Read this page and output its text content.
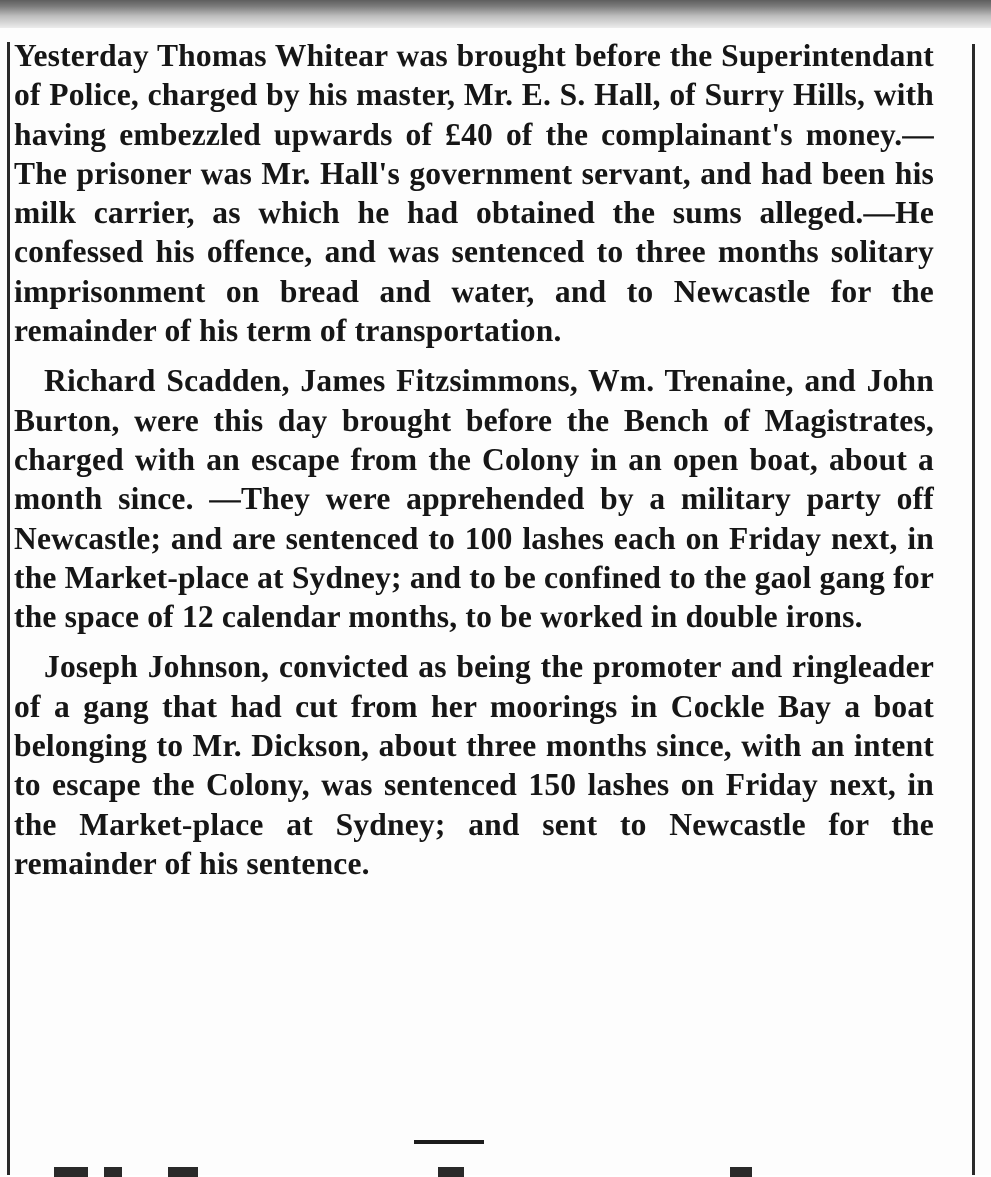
Yesterday Thomas Whitear was brought before the Superintendant of Police, charged by his master, Mr. E. S. Hall, of Surry Hills, with having embezzled upwards of £40 of the complainant's money.—The prisoner was Mr. Hall's government servant, and had been his milk carrier, as which he had obtained the sums alleged.—He confessed his offence, and was sentenced to three months solitary imprisonment on bread and water, and to Newcastle for the remainder of his term of transportation.

Richard Scadden, James Fitzsimmons, Wm. Trenaine, and John Burton, were this day brought before the Bench of Magistrates, charged with an escape from the Colony in an open boat, about a month since. —They were apprehended by a military party off Newcastle; and are sentenced to 100 lashes each on Friday next, in the Market-place at Sydney; and to be confined to the gaol gang for the space of 12 calendar months, to be worked in double irons.

Joseph Johnson, convicted as being the promoter and ringleader of a gang that had cut from her moorings in Cockle Bay a boat belonging to Mr. Dickson, about three months since, with an intent to escape the Colony, was sentenced 150 lashes on Friday next, in the Market-place at Sydney; and sent to Newcastle for the remainder of his sentence.
